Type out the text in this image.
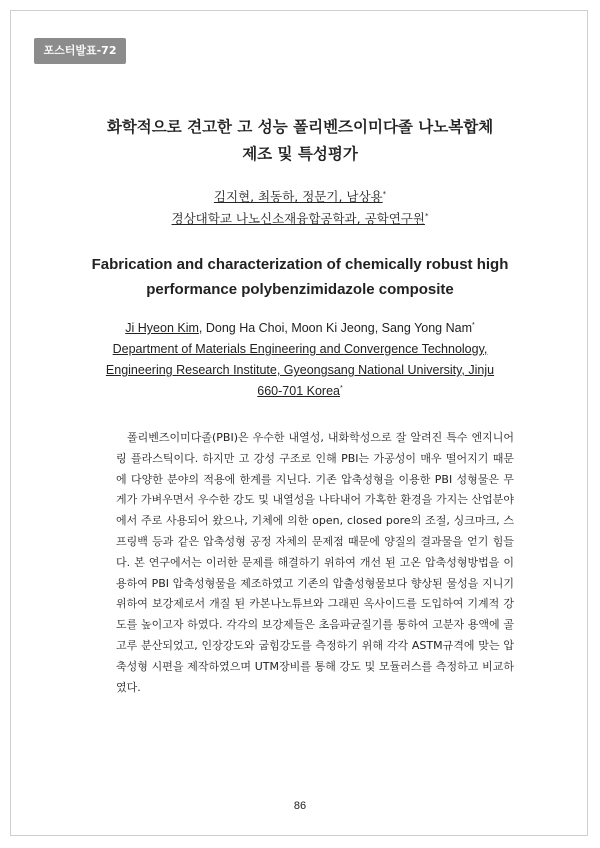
포스터발표-72
화학적으로 견고한 고 성능 폴리벤즈이미다졸 나노복합체
제조 및 특성평가
김지현, 최동하, 정문기, 남상용*
경상대학교 나노신소재융합공학과, 공학연구원*
Fabrication and characterization of chemically robust high
performance polybenzimidazole composite
Ji Hyeon Kim, Dong Ha Choi, Moon Ki Jeong, Sang Yong Nam*
Department of Materials Engineering and Convergence Technology,
Engineering Research Institute, Gyeongsang National University, Jinju
660-701 Korea*

폴리벤즈이미다졸(PBI)은 우수한 내열성, 내화학성으로 잘 알려진 특수 엔지니어링 플라스틱이다. 하지만 고 강성 구조로 인해 PBI는 가공성이 매우 떨어지기 때문에 다양한 분야의 적용에 한계를 지닌다. 기존 압축성형을 이용한 PBI 성형물은 무게가 가벼우면서 우수한 강도 및 내열성을 나타내어 가혹한 환경을 가지는 산업분야에서 주로 사용되어 왔으나, 기체에 의한 open, closed pore의 조절, 싱크마크, 스프링백 등과 같은 압축성형 공정 자체의 문제점 때문에 양질의 결과물을 얻기 힘들다. 본 연구에서는 이러한 문제를 해결하기 위하여 개선 된 고온 압축성형방법을 이용하여 PBI 압축성형물을 제조하였고 기존의 압출성형물보다 향상된 물성을 지니기 위하여 보강제로서 개질 된 카본나노튜브와 그래핀 옥사이드를 도입하여 기계적 강도를 높이고자 하였다. 각각의 보강제들은 초음파균질기를 통하여 고분자 용액에 골고루 분산되었고, 인장강도와 굽힘강도를 측정하기 위해 각각 ASTM규격에 맞는 압축성형 시편을 제작하였으며 UTM장비를 통해 강도 및 모듈러스를 측정하고 비교하였다.

86
